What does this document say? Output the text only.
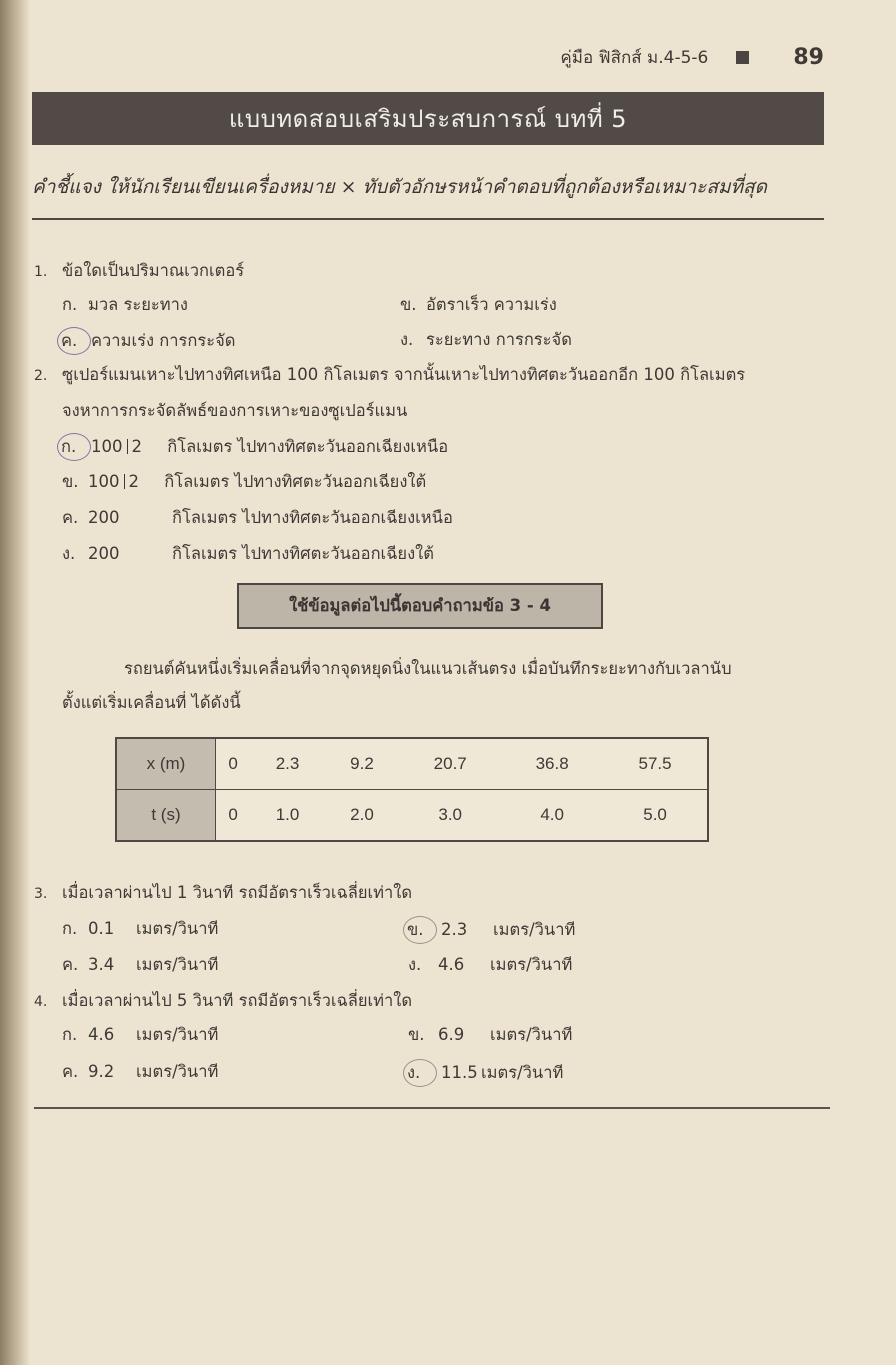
คู่มือ ฟิสิกส์ ม.4-5-6	89
แบบทดสอบเสริมประสบการณ์ บทที่ 5
คำชี้แจง ให้นักเรียนเขียนเครื่องหมาย × ทับตัวอักษรหน้าคำตอบที่ถูกต้องหรือเหมาะสมที่สุด
1. ข้อใดเป็นปริมาณเวกเตอร์
ก. มวล ระยะทาง	ข. อัตราเร็ว ความเร่ง
ค. ความเร่ง การกระจัด	ง. ระยะทาง การกระจัด
2. ซูเปอร์แมนเหาะไปทางทิศเหนือ 100 กิโลเมตร จากนั้นเหาะไปทางทิศตะวันออกอีก 100 กิโลเมตร
จงหาการกระจัดลัพธ์ของการเหาะของซูเปอร์แมน
ก. 100 2 กิโลเมตร ไปทางทิศตะวันออกเฉียงเหนือ
ข. 100 2 กิโลเมตร ไปทางทิศตะวันออกเฉียงใต้
ค. 200	กิโลเมตร ไปทางทิศตะวันออกเฉียงเหนือ
ง. 200	กิโลเมตร ไปทางทิศตะวันออกเฉียงใต้
ใช้ข้อมูลต่อไปนี้ตอบคำถามข้อ 3 - 4
รถยนต์คันหนึ่งเริ่มเคลื่อนที่จากจุดหยุดนิ่งในแนวเส้นตรง เมื่อบันทึกระยะทางกับเวลานับ
ตั้งแต่เริ่มเคลื่อนที่ ได้ดังนี้
x (m)	0	2.3	9.2	20.7	36.8	57.5
t (s)	0	1.0	2.0	3.0	4.0	5.0
3. เมื่อเวลาผ่านไป 1 วินาที รถมีอัตราเร็วเฉลี่ยเท่าใด
ก. 0.1 เมตร/วินาที	ข. 2.3 เมตร/วินาที
ค. 3.4 เมตร/วินาที	ง. 4.6 เมตร/วินาที
4. เมื่อเวลาผ่านไป 5 วินาที รถมีอัตราเร็วเฉลี่ยเท่าใด
ก. 4.6 เมตร/วินาที	ข. 6.9 เมตร/วินาที
ค. 9.2 เมตร/วินาที	ง. 11.5 เมตร/วินาที
